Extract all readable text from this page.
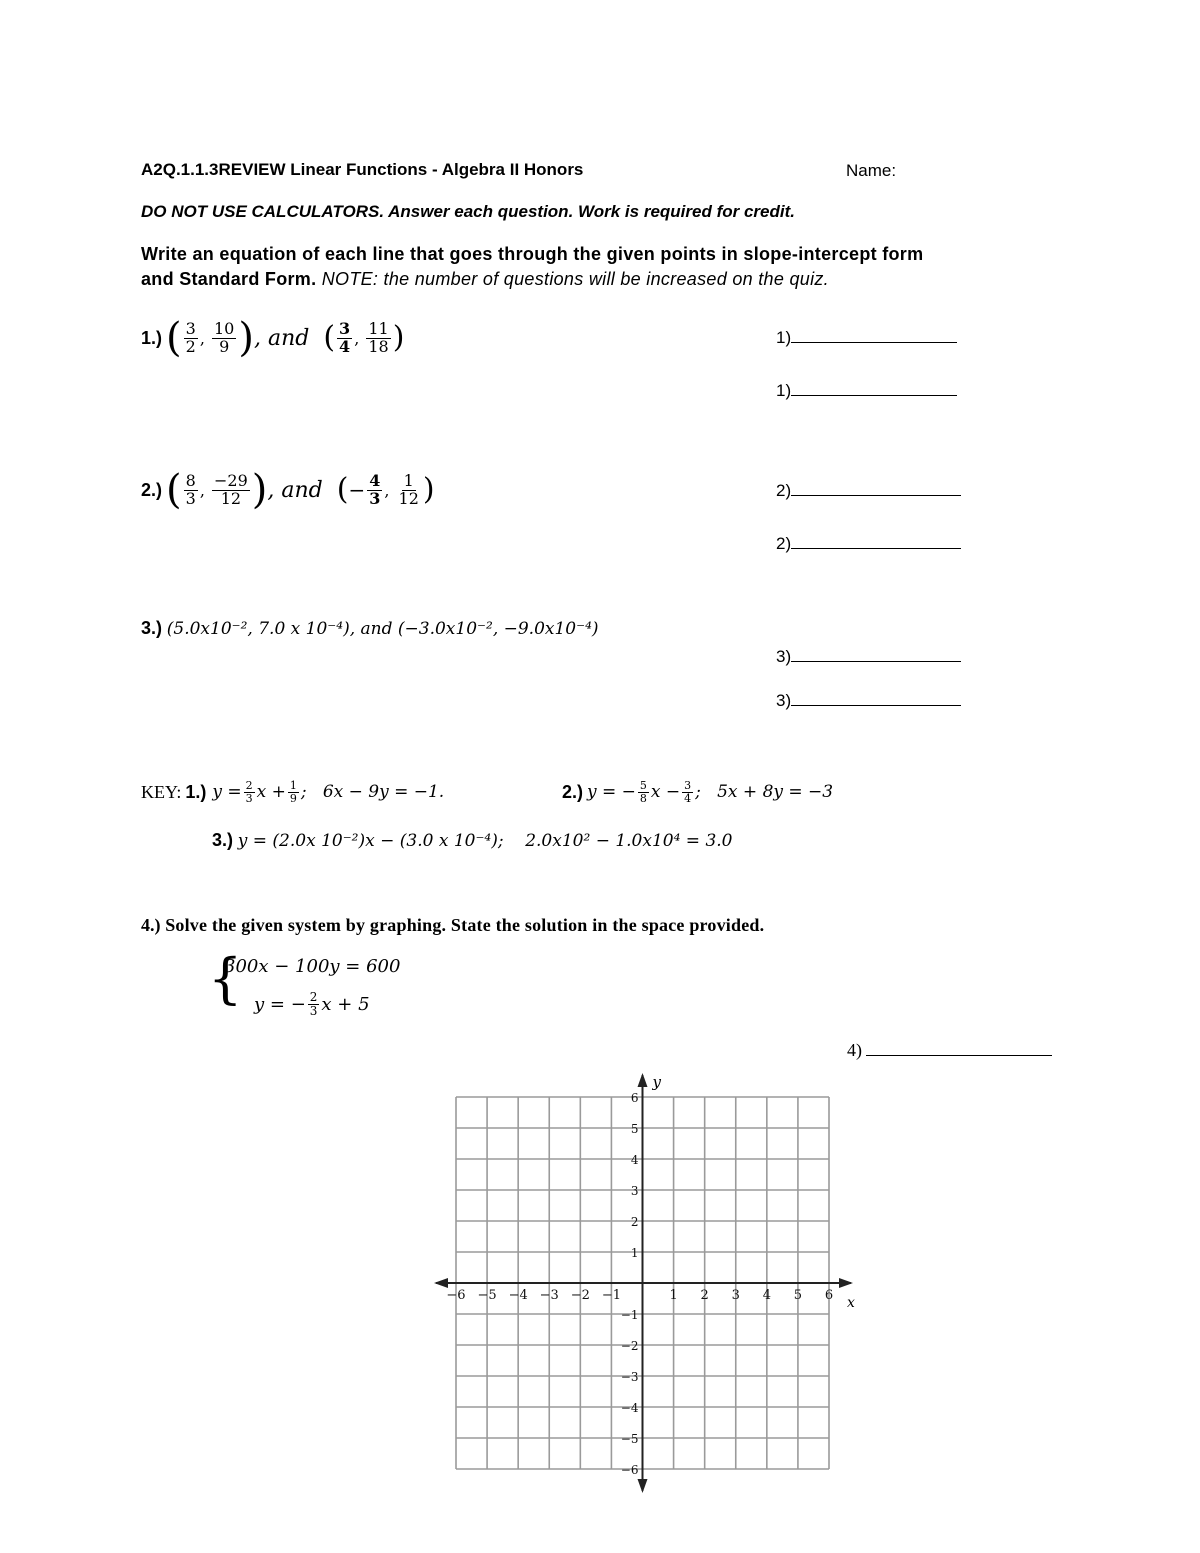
A2Q.1.1.3REVIEW Linear Functions - Algebra II Honors	Name:
DO NOT USE CALCULATORS. Answer each question. Work is required for credit.
Write an equation of each line that goes through the given points in slope-intercept form
and Standard Form. NOTE: the number of questions will be increased on the quiz.
1.) ( $\frac{3}{2}$ , $\frac{10}{9}$ ) , and ( $\frac{3}{4}$ , $\frac{11}{18}$ )	1)
1)
2.) ( $\frac{8}{3}$ , $\frac{-29}{12}$ ) , and ( − $\frac{4}{3}$ , $\frac{1}{12}$ )	2)
2)
3.) (5.0x10⁻², 7.0 x 10⁻⁴), and (−3.0x10⁻², −9.0x10⁻⁴)
3)
3)
KEY: 1.) $y = \frac{2}{3}$ $x + \frac{1}{9}$ ;   6x − 9y = −1.	2.) y = − $\frac{5}{8}$ $x - \frac{3}{4}$ ;   5x + 8y = −3
3.) y = (2.0x 10⁻²)x − (3.0 x 10⁻⁴);    2.0x10² − 1.0x10⁴ = 3.0
4.) Solve the given system by graphing. State the solution in the space provided.
{
300x − 100y = 600
y = − $\frac{2}{3}$ x + 5
4)
x
y
−6 −5 −4 −3 −2 −1	1 2 3 4 5 6
6
5
4
3
2
1
−1
−2
−3
−4
−5
−6
